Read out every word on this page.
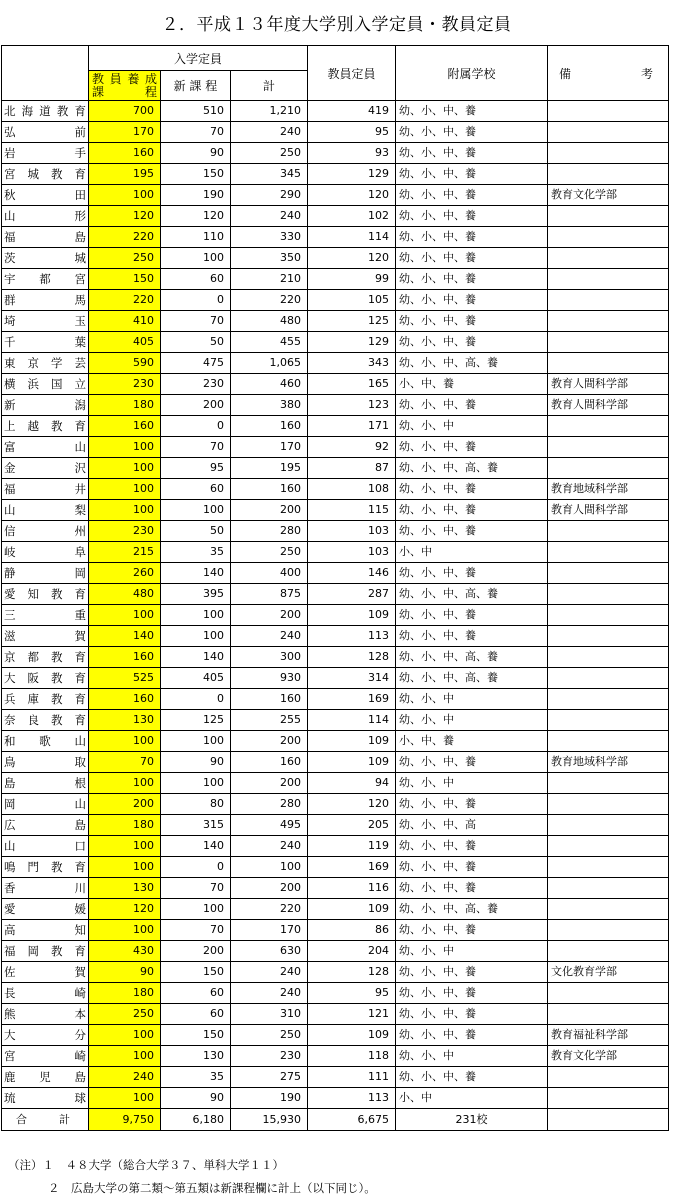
２．平成１３年度大学別入学定員・教員定員
	入学定員			教員定員	附属学校	備 考

	教員養成
課程	新 課 程	計			
北海道教育	700	510	1,210	419	幼、小、中、養	
弘前	170	70	240	95	幼、小、中、養	
岩手	160	90	250	93	幼、小、中、養	
宮城教育	195	150	345	129	幼、小、中、養	
秋田	100	190	290	120	幼、小、中、養	教育文化学部
山形	120	120	240	102	幼、小、中、養	
福島	220	110	330	114	幼、小、中、養	
茨城	250	100	350	120	幼、小、中、養	
宇都宮	150	60	210	99	幼、小、中、養	
群馬	220	0	220	105	幼、小、中、養	
埼玉	410	70	480	125	幼、小、中、養	
千葉	405	50	455	129	幼、小、中、養	
東京学芸	590	475	1,065	343	幼、小、中、高、養	
横浜国立	230	230	460	165	小、中、養	教育人間科学部
新潟	180	200	380	123	幼、小、中、養	教育人間科学部
上越教育	160	0	160	171	幼、小、中	
富山	100	70	170	92	幼、小、中、養	
金沢	100	95	195	87	幼、小、中、高、養	
福井	100	60	160	108	幼、小、中、養	教育地域科学部
山梨	100	100	200	115	幼、小、中、養	教育人間科学部
信州	230	50	280	103	幼、小、中、養	
岐阜	215	35	250	103	小、中	
静岡	260	140	400	146	幼、小、中、養	
愛知教育	480	395	875	287	幼、小、中、高、養	
三重	100	100	200	109	幼、小、中、養	
滋賀	140	100	240	113	幼、小、中、養	
京都教育	160	140	300	128	幼、小、中、高、養	
大阪教育	525	405	930	314	幼、小、中、高、養	
兵庫教育	160	0	160	169	幼、小、中	
奈良教育	130	125	255	114	幼、小、中	
和歌山	100	100	200	109	小、中、養	
鳥取	70	90	160	109	幼、小、中、養	教育地域科学部
島根	100	100	200	94	幼、小、中	
岡山	200	80	280	120	幼、小、中、養	
広島	180	315	495	205	幼、小、中、高	
山口	100	140	240	119	幼、小、中、養	
鳴門教育	100	0	100	169	幼、小、中、養	
香川	130	70	200	116	幼、小、中、養	
愛媛	120	100	220	109	幼、小、中、高、養	
高知	100	70	170	86	幼、小、中、養	
福岡教育	430	200	630	204	幼、小、中	
佐賀	90	150	240	128	幼、小、中、養	文化教育学部
長崎	180	60	240	95	幼、小、中、養	
熊本	250	60	310	121	幼、小、中、養	
大分	100	150	250	109	幼、小、中、養	教育福祉科学部
宮崎	100	130	230	118	幼、小、中	教育文化学部
鹿児島	240	35	275	111	幼、小、中、養	
琉球	100	90	190	113	小、中	
合計	9,750	6,180	15,930	6,675	231校	
（注）１　４８大学（総合大学３７、単科大学１１）
２　広島大学の第二類～第五類は新課程欄に計上（以下同じ）。
